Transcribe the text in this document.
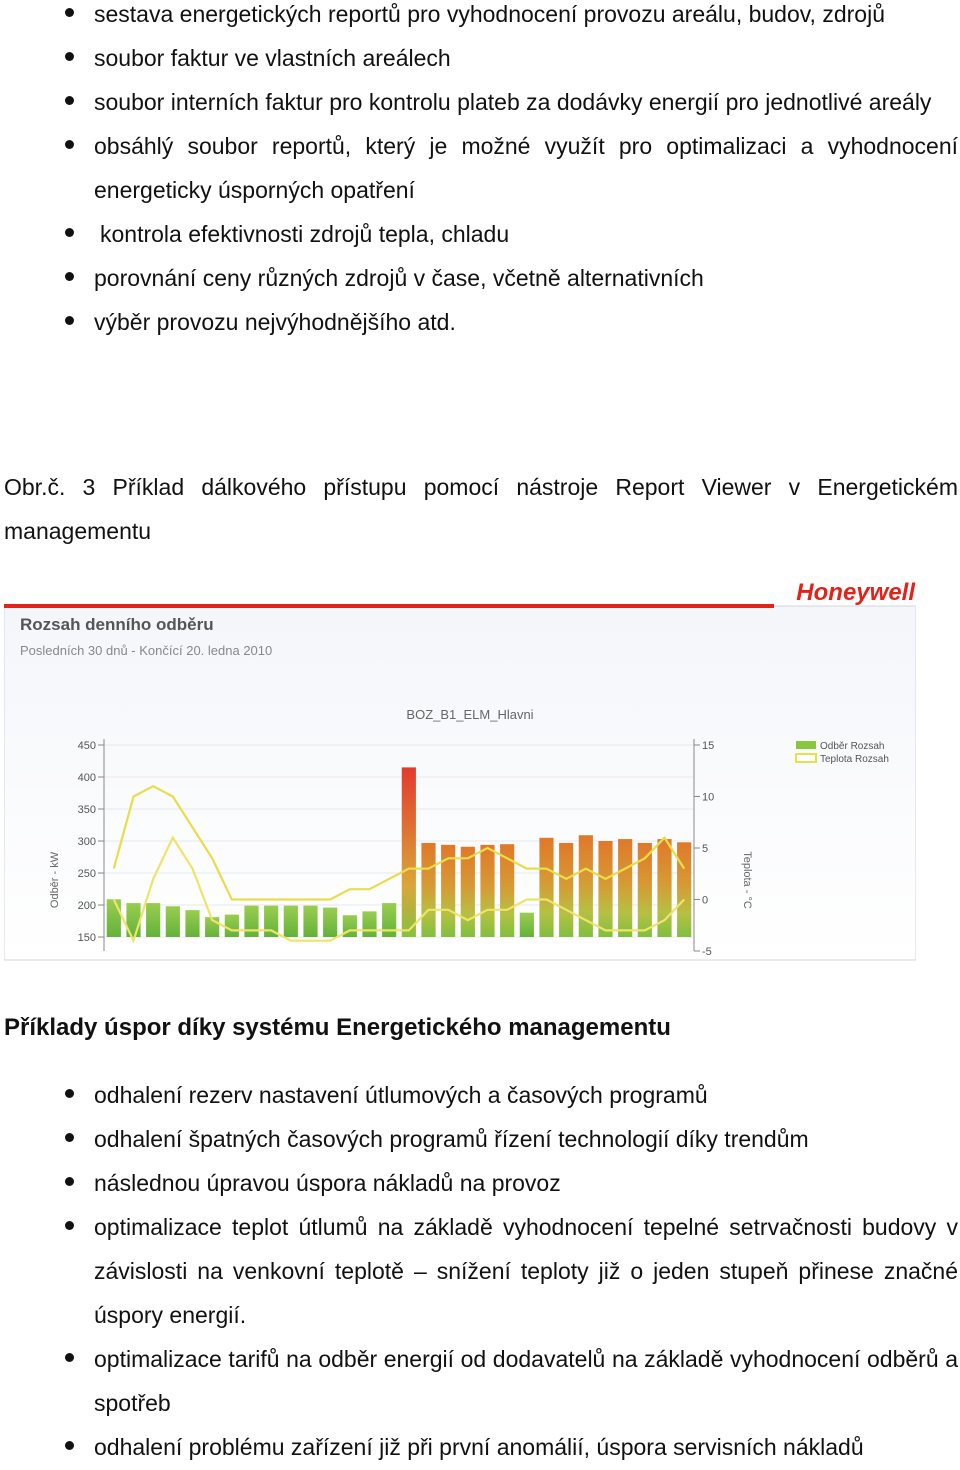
sestava energetických reportů pro vyhodnocení provozu areálu, budov, zdrojů
soubor faktur ve vlastních areálech
soubor interních faktur pro kontrolu plateb za dodávky energií pro jednotlivé areály
obsáhlý soubor reportů, který je možné využít pro optimalizaci a vyhodnocení energeticky úsporných opatření
kontrola efektivnosti zdrojů tepla, chladu
porovnání ceny různých zdrojů v čase, včetně alternativních
výběr provozu nejvýhodnějšího atd.

Obr.č. 3 Příklad dálkového přístupu pomocí nástroje Report Viewer v Energetickém managementu

Honeywell
Rozsah denního odběru
Posledních 30 dnů - Končící 20. ledna 2010
BOZ_B1_ELM_Hlavni
450
400
350
300
250
200
150
15
10
5
0
-5
Odběr - kW	Teplota - °C
Odběr Rozsah
Teplota Rozsah
Příklady úspor díky systému Energetického managementu
odhalení rezerv nastavení útlumových a časových programů
odhalení špatných časových programů řízení technologií díky trendům
následnou úpravou úspora nákladů na provoz
optimalizace teplot útlumů na základě vyhodnocení tepelné setrvačnosti budovy v závislosti na venkovní teplotě – snížení teploty již o jeden stupeň přinese značné úspory energií.
optimalizace tarifů na odběr energií od dodavatelů na základě vyhodnocení odběrů a spotřeb
odhalení problému zařízení již při první anomálií, úspora servisních nákladů
